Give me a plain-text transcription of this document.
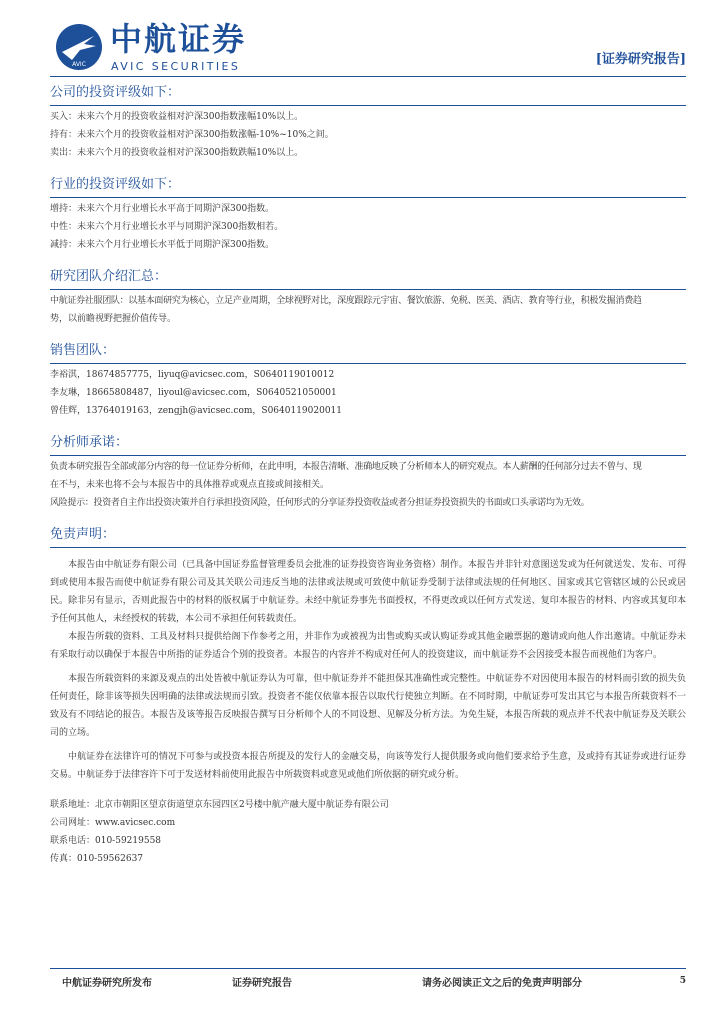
AVIC
中航证券
AVIC SECURITIES	[证券研究报告]
公司的投资评级如下：
买入：未来六个月的投资收益相对沪深300指数涨幅10%以上。
持有：未来六个月的投资收益相对沪深300指数涨幅-10%~10%之间。
卖出：未来六个月的投资收益相对沪深300指数跌幅10%以上。
行业的投资评级如下：
增持：未来六个月行业增长水平高于同期沪深300指数。
中性：未来六个月行业增长水平与同期沪深300指数相若。
减持：未来六个月行业增长水平低于同期沪深300指数。
研究团队介绍汇总：
中航证券社服团队：以基本面研究为核心，立足产业周期，全球视野对比，深度跟踪元宇宙、餐饮旅游、免税、医美、酒店、教育等行业，积极发掘消费趋
势，以前瞻视野把握价值传导。
销售团队：
李裕淇，18674857775，liyuq@avicsec.com，S0640119010012
李友琳，18665808487，liyoul@avicsec.com，S0640521050001
曾佳辉，13764019163，zengjh@avicsec.com，S0640119020011
分析师承诺：
负责本研究报告全部或部分内容的每一位证券分析师，在此申明，本报告清晰、准确地反映了分析师本人的研究观点。本人薪酬的任何部分过去不曾与、现
在不与，未来也将不会与本报告中的具体推荐或观点直接或间接相关。
风险提示：投资者自主作出投资决策并自行承担投资风险，任何形式的分享证券投资收益或者分担证券投资损失的书面或口头承诺均为无效。
免责声明：

本报告由中航证券有限公司（已具备中国证券监督管理委员会批准的证券投资咨询业务资格）制作。本报告并非针对意图送发或为任何就送发、发布、可得到或使用本报告而使中航证券有限公司及其关联公司违反当地的法律或法规或可致使中航证券受制于法律或法规的任何地区、国家或其它管辖区域的公民或居民。除非另有显示，否则此报告中的材料的版权属于中航证券。未经中航证券事先书面授权，不得更改或以任何方式发送、复印本报告的材料、内容或其复印本予任何其他人，未经授权的转载，本公司不承担任何转载责任。

本报告所载的资料、工具及材料只提供给阁下作参考之用，并非作为或被视为出售或购买或认购证券或其他金融票据的邀请或向他人作出邀请。中航证券未有采取行动以确保于本报告中所指的证券适合个别的投资者。本报告的内容并不构成对任何人的投资建议，而中航证券不会因接受本报告而视他们为客户。

本报告所载资料的来源及观点的出处皆被中航证券认为可靠，但中航证券并不能担保其准确性或完整性。中航证券不对因使用本报告的材料而引致的损失负任何责任，除非该等损失因明确的法律或法规而引致。投资者不能仅依靠本报告以取代行使独立判断。在不同时期，中航证券可发出其它与本报告所载资料不一致及有不同结论的报告。本报告及该等报告反映报告撰写日分析师个人的不同设想、见解及分析方法。为免生疑，本报告所载的观点并不代表中航证券及关联公司的立场。

中航证券在法律许可的情况下可参与或投资本报告所提及的发行人的金融交易，向该等发行人提供服务或向他们要求给予生意，及或持有其证券或进行证券交易。中航证券于法律容许下可于发送材料前使用此报告中所载资料或意见或他们所依据的研究或分析。

联系地址：北京市朝阳区望京街道望京东园四区2号楼中航产融大厦中航证券有限公司
公司网址：www.avicsec.com
联系电话：010-59219558
传真：010-59562637
中航证券研究所发布	证券研究报告	请务必阅读正文之后的免责声明部分	5
